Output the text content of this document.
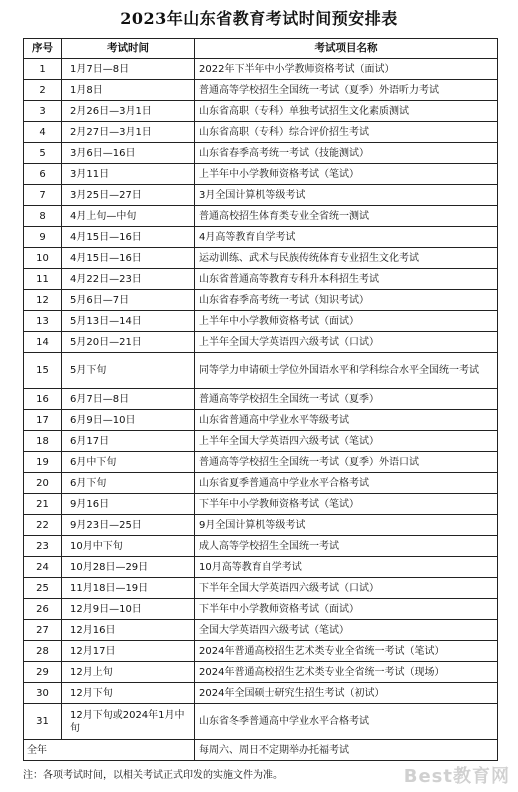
2023年山东省教育考试时间预安排表
序号	考试时间	考试项目名称
1	1月7日—8日	2022年下半年中小学教师资格考试（面试）
2	1月8日	普通高等学校招生全国统一考试（夏季）外语听力考试
3	2月26日—3月1日	山东省高职（专科）单独考试招生文化素质测试
4	2月27日—3月1日	山东省高职（专科）综合评价招生考试
5	3月6日—16日	山东省春季高考统一考试（技能测试）
6	3月11日	上半年中小学教师资格考试（笔试）
7	3月25日—27日	3月全国计算机等级考试
8	4月上旬—中旬	普通高校招生体育类专业全省统一测试
9	4月15日—16日	4月高等教育自学考试
10	4月15日—16日	运动训练、武术与民族传统体育专业招生文化考试
11	4月22日—23日	山东省普通高等教育专科升本科招生考试
12	5月6日—7日	山东省春季高考统一考试（知识考试）
13	5月13日—14日	上半年中小学教师资格考试（面试）
14	5月20日—21日	上半年全国大学英语四六级考试（口试）
15	5月下旬	同等学力申请硕士学位外国语水平和学科综合水平全国统一考试
16	6月7日—8日	普通高等学校招生全国统一考试（夏季）
17	6月9日—10日	山东省普通高中学业水平等级考试
18	6月17日	上半年全国大学英语四六级考试（笔试）
19	6月中下旬	普通高等学校招生全国统一考试（夏季）外语口试
20	6月下旬	山东省夏季普通高中学业水平合格考试
21	9月16日	下半年中小学教师资格考试（笔试）
22	9月23日—25日	9月全国计算机等级考试
23	10月中下旬	成人高等学校招生全国统一考试
24	10月28日—29日	10月高等教育自学考试
25	11月18日—19日	下半年全国大学英语四六级考试（口试）
26	12月9日—10日	下半年中小学教师资格考试（面试）
27	12月16日	全国大学英语四六级考试（笔试）
28	12月17日	2024年普通高校招生艺术类专业全省统一考试（笔试）
29	12月上旬	2024年普通高校招生艺术类专业全省统一考试（现场）
30	12月下旬	2024年全国硕士研究生招生考试（初试）
31	12月下旬或2024年1月中旬	山东省冬季普通高中学业水平合格考试
全年		每周六、周日不定期举办托福考试
注：各项考试时间，以相关考试正式印发的实施文件为准。	Best教育网
